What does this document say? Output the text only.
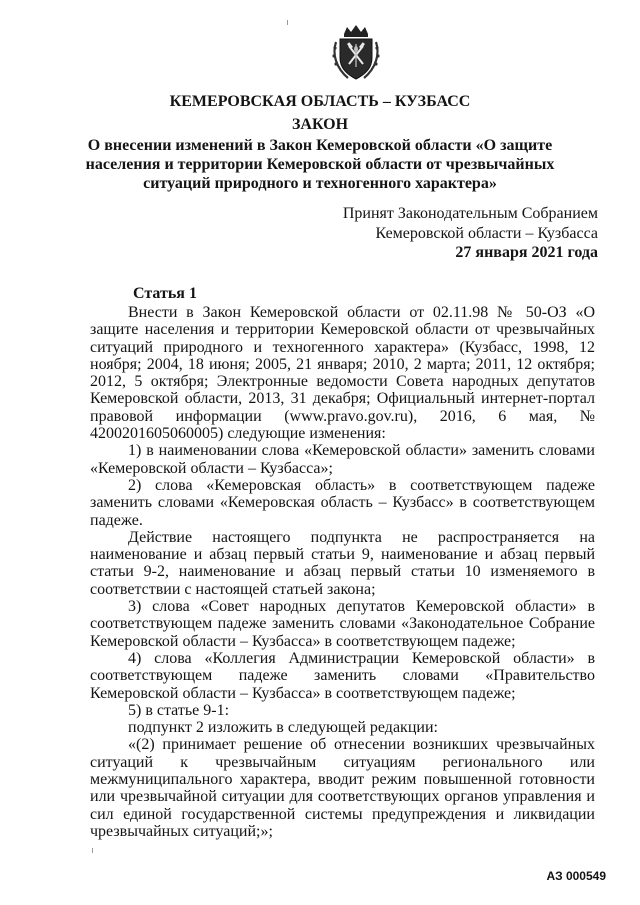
КЕМЕРОВСКАЯ ОБЛАСТЬ – КУЗБАСС
ЗАКОН
О внесении изменений в Закон Кемеровской области «О защите
населения и территории Кемеровской области от чрезвычайных
ситуаций природного и техногенного характера»
Принят Законодательным Собранием
Кемеровской области – Кузбасса
27 января 2021 года
Статья 1

Внести в Закон Кемеровской области от 02.11.98 № 50-ОЗ «О защите населения и территории Кемеровской области от чрезвычайных ситуаций природного и техногенного характера» (Кузбасс, 1998, 12 ноября; 2004, 18 июня; 2005, 21 января; 2010, 2 марта; 2011, 12 октября; 2012, 5 октября; Электронные ведомости Совета народных депутатов Кемеровской области, 2013, 31 декабря; Официальный интернет-портал правовой информации (www.pravo.gov.ru), 2016, 6 мая, № 4200201605060005) следующие изменения:

1) в наименовании слова «Кемеровской области» заменить словами «Кемеровской области – Кузбасса»;

2) слова «Кемеровская область» в соответствующем падеже заменить словами «Кемеровская область – Кузбасс» в соответствующем падеже.

Действие настоящего подпункта не распространяется на наименование и абзац первый статьи 9, наименование и абзац первый статьи 9-2, наименование и абзац первый статьи 10 изменяемого в соответствии с настоящей статьей закона;

3) слова «Совет народных депутатов Кемеровской области» в соответствующем падеже заменить словами «Законодательное Собрание Кемеровской области – Кузбасса» в соответствующем падеже;

4) слова «Коллегия Администрации Кемеровской области» в соответствующем падеже заменить словами «Правительство Кемеровской области – Кузбасса» в соответствующем падеже;

5) в статье 9-1:

подпункт 2 изложить в следующей редакции:

«(2) принимает решение об отнесении возникших чрезвычайных ситуаций к чрезвычайным ситуациям регионального или межмуниципального характера, вводит режим повышенной готовности или чрезвычайной ситуации для соответствующих органов управления и сил единой государственной системы предупреждения и ликвидации чрезвычайных ситуаций;»;

АЗ 000549
